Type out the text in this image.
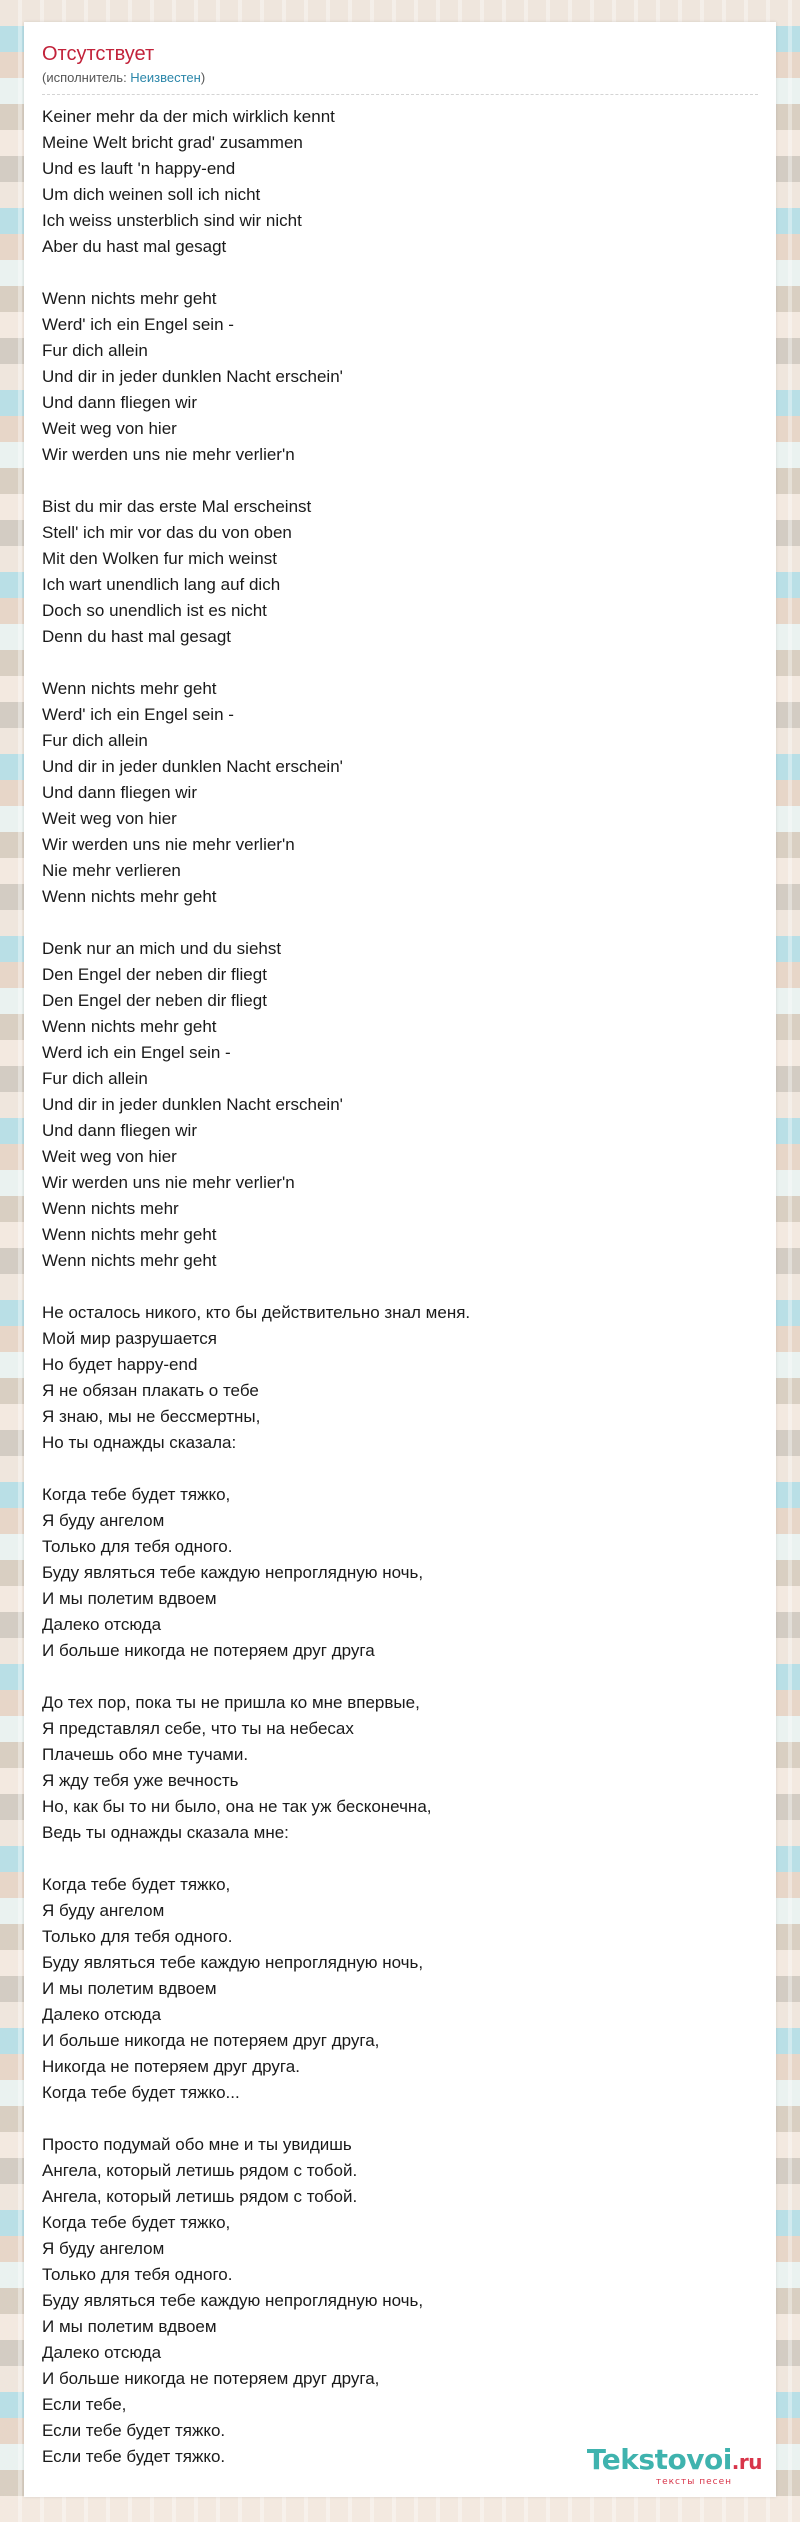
Отсутствует
(исполнитель: Неизвестен)
Keiner mehr da der mich wirklich kennt
Meine Welt bricht grad' zusammen
Und es lauft 'n happy-end
Um dich weinen soll ich nicht
Ich weiss unsterblich sind wir nicht
Aber du hast mal gesagt

Wenn nichts mehr geht
Werd' ich ein Engel sein -
Fur dich allein
Und dir in jeder dunklen Nacht erschein'
Und dann fliegen wir
Weit weg von hier
Wir werden uns nie mehr verlier'n

Bist du mir das erste Mal erscheinst
Stell' ich mir vor das du von oben
Mit den Wolken fur mich weinst
Ich wart unendlich lang auf dich
Doch so unendlich ist es nicht
Denn du hast mal gesagt

Wenn nichts mehr geht
Werd' ich ein Engel sein -
Fur dich allein
Und dir in jeder dunklen Nacht erschein'
Und dann fliegen wir
Weit weg von hier
Wir werden uns nie mehr verlier'n
Nie mehr verlieren
Wenn nichts mehr geht

Denk nur an mich und du siehst
Den Engel der neben dir fliegt
Den Engel der neben dir fliegt
Wenn nichts mehr geht
Werd ich ein Engel sein -
Fur dich allein
Und dir in jeder dunklen Nacht erschein'
Und dann fliegen wir
Weit weg von hier
Wir werden uns nie mehr verlier'n
Wenn nichts mehr
Wenn nichts mehr geht
Wenn nichts mehr geht

Не осталось никого, кто бы действительно знал меня.
Мой мир разрушается
Но будет happy-end
Я не обязан плакать о тебе
Я знаю, мы не бессмертны,
Но ты однажды сказала:

Когда тебе будет тяжко,
Я буду ангелом
Только для тебя одного.
Буду являться тебе каждую непроглядную ночь,
И мы полетим вдвоем
Далеко отсюда
И больше никогда не потеряем друг друга

До тех пор, пока ты не пришла ко мне впервые,
Я представлял себе, что ты на небесах
Плачешь обо мне тучами.
Я жду тебя уже вечность
Но, как бы то ни было, она не так уж бесконечна,
Ведь ты однажды сказала мне:

Когда тебе будет тяжко,
Я буду ангелом
Только для тебя одного.
Буду являться тебе каждую непроглядную ночь,
И мы полетим вдвоем
Далеко отсюда
И больше никогда не потеряем друг друга,
Никогда не потеряем друг друга.
Когда тебе будет тяжко...

Просто подумай обо мне и ты увидишь
Ангела, который летишь рядом с тобой.
Ангела, который летишь рядом с тобой.
Когда тебе будет тяжко,
Я буду ангелом
Только для тебя одного.
Буду являться тебе каждую непроглядную ночь,
И мы полетим вдвоем
Далеко отсюда
И больше никогда не потеряем друг друга,
Если тебе,
Если тебе будет тяжко.
Если тебе будет тяжко.	Tekstovoi.ru
тексты песен
